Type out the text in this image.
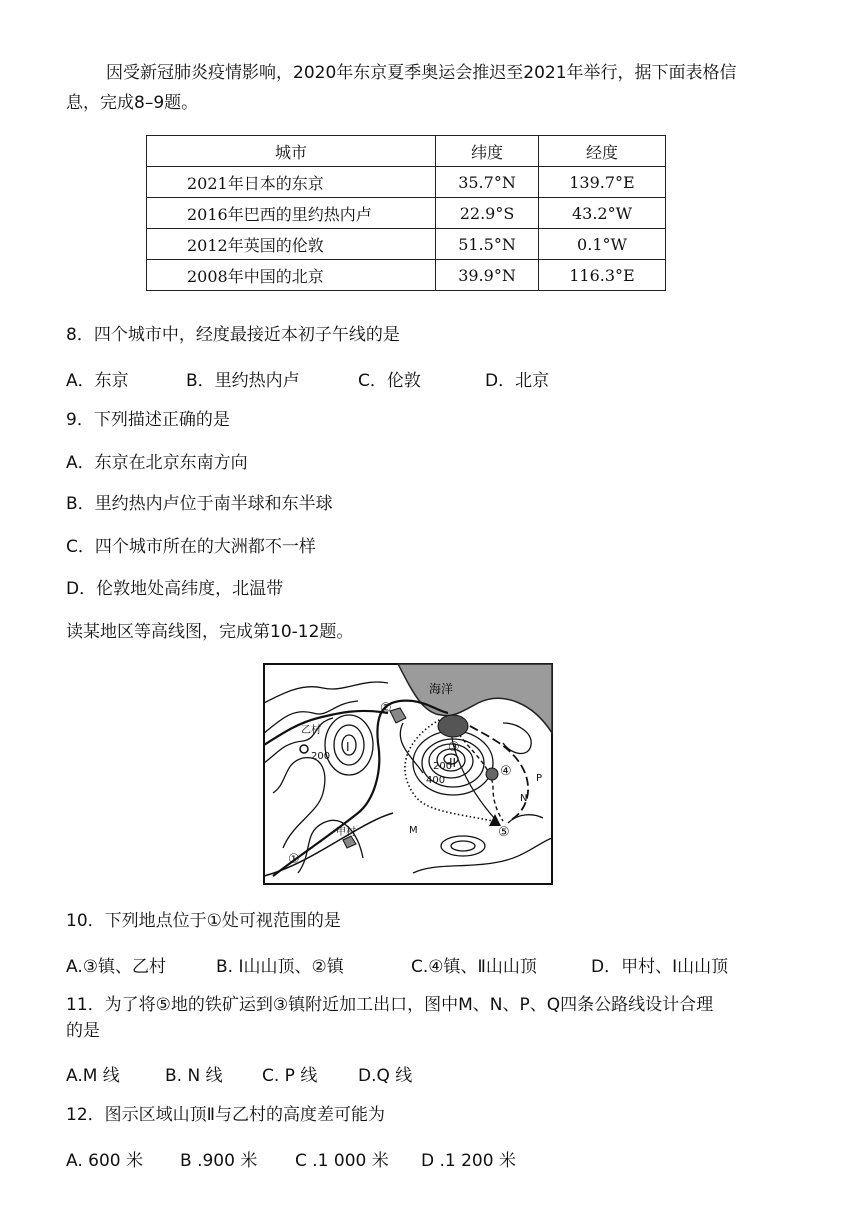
因受新冠肺炎疫情影响，2020年东京夏季奥运会推迟至2021年举行，据下面表格信息，完成8–9题。
城市	纬度	经度
2021年日本的东京	35.7°N	139.7°E
2016年巴西的里约热内卢	22.9°S	43.2°W
2012年英国的伦敦	51.5°N	0.1°W
2008年中国的北京	39.9°N	116.3°E
8．四个城市中，经度最接近本初子午线的是
A．东京	B．里约热内卢	C．伦敦	D．北京
9．下列描述正确的是
A．东京在北京东南方向
B．里约热内卢位于南半球和东半球
C．四个城市所在的大洲都不一样
D．伦敦地处高纬度，北温带
读某地区等高线图，完成第10-12题。
海洋
乙村
甲村
200
200
400
I
II
①
②
③
④
⑤
M
N
P
10．下列地点位于①处可视范围的是
A.③镇、乙村	B. Ⅰ山山顶、②镇	C.④镇、Ⅱ山山顶	D．甲村、Ⅰ山山顶
11．为了将⑤地的铁矿运到③镇附近加工出口，图中M、N、P、Q四条公路线设计合理
的是
A.M 线	B. N 线 C. P 线 D.Q 线
12．图示区域山顶Ⅱ与乙村的高度差可能为
A. 600 米 B .900 米 C .1 000 米 D .1 200 米
